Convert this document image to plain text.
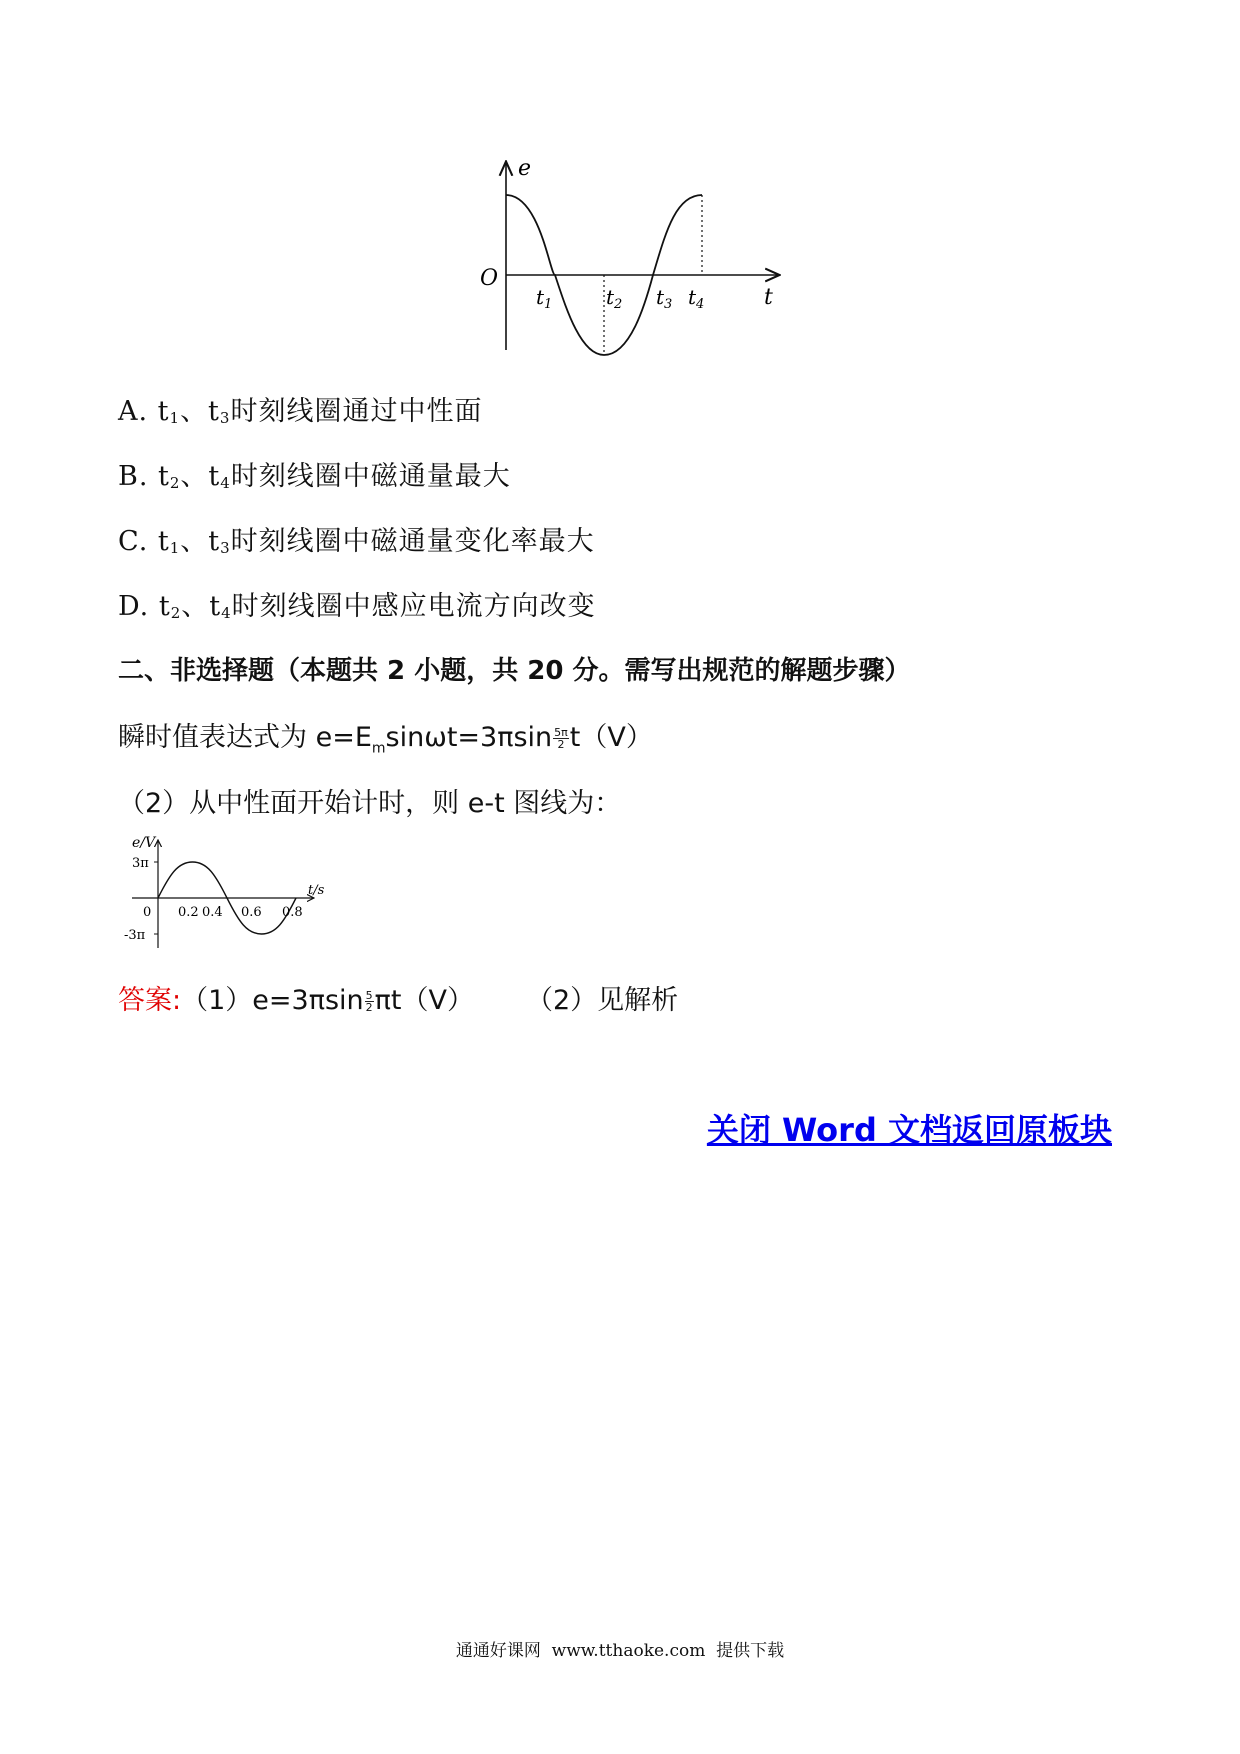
e
O
t
$t_1$	$t_2$ $t_3$ $t_4$
A. $t_1$、$t_3$时刻线圈通过中性面
B. $t_2$、$t_4$时刻线圈中磁通量最大
C. $t_1$、$t_3$时刻线圈中磁通量变化率最大
D. $t_2$、$t_4$时刻线圈中感应电流方向改变
二、非选择题（本题共 2 小题，共 20 分。需写出规范的解题步骤）
瞬时值表达式为 $e=E_m\sin\omega t=3\pi\sin \frac{5\pi}{2} t(V)$
（2）从中性面开始计时，则 e-t 图线为：
e/V
3π
-3π
0 0.2 0.4 0.6 0.8
t/s
答案:（1）e=3πsin $\frac{5}{2} \pi t(V)$ （2）见解析
关闭 Word 文档返回原板块
通通好课网  www.tthaoke.com  提供下载
